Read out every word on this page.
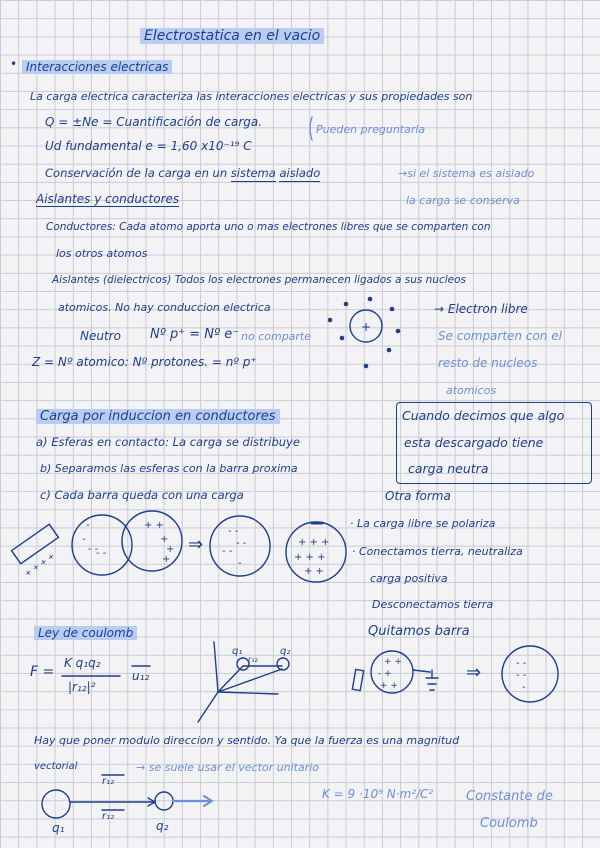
Electrostatica en el vacio
• Interacciones electricas
La carga electrica caracteriza las interacciones electricas y sus propiedades son
Q = ±Ne = Cuantificación de carga.
Ud fundamental e = 1,60 x10⁻¹⁹ C
Pueden preguntarla
Conservación de la carga en un sistema aislado	→si el sistema es aislado
la carga se conserva
Aislantes y conductores
Conductores: Cada atomo aporta uno o mas electrones libres que se comparten con
los otros atomos
Aislantes (dielectricos) Todos los electrones permanecen ligados a sus nucleos
atomicos. No hay conduccion electrica
Neutro Nº p⁺ = Nº e⁻ no comparte
Z = Nº atomico: Nº protones. = nº p⁺
→ Electron libre
Se comparten con el
resto de nucleos
atomicos
Carga por induccion en conductores
a) Esferas en contacto: La carga se distribuye
b) Separamos las esferas con la barra proxima
c) Cada barra queda con una carga
Cuando decimos que algo
esta descargado tiene
carga neutra
Otra forma
· La carga libre se polariza
· Conectamos tierra, neutraliza
carga positiva
Desconectamos tierra
Quitamos barra
⇒
⇒
Ley de coulomb
F =
K q₁q₂
|r₁₂|²
u₁₂
q₁	q₂
r₁₂
Hay que poner modulo direccion y sentido. Ya que la fuerza es una magnitud
vectorial	→ se suele usar el vector unitario
r₁₂
r₁₂
q₁	q₂
K = 9 ·10⁹ N·m²/C²	Constante de
Coulomb
+
-
-
- -
- -
+ +
+
+
+
+ + + +
- -
- -
- -
-
+ + +
+ + +
+ +
+ +
- +
+ +
- -
- -
-
